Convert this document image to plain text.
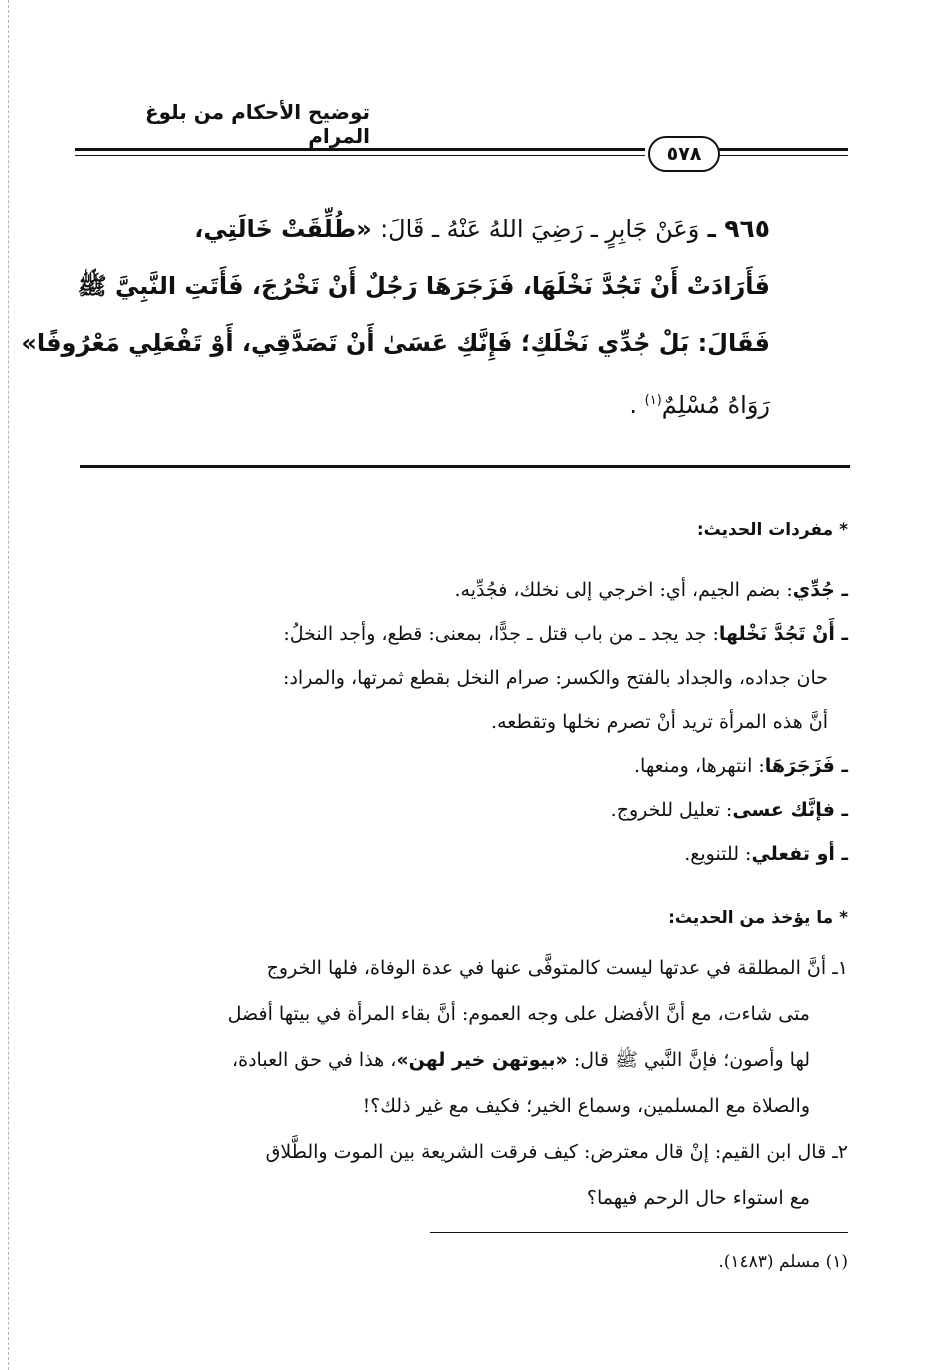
توضيح الأحكام من بلوغ المرام
٥٧٨
٩٦٥ ـ وَعَنْ جَابِرٍ ـ رَضِيَ اللهُ عَنْهُ ـ قَالَ: «طُلِّقَتْ خَالَتِي،
فَأَرَادَتْ أَنْ تَجُدَّ نَخْلَهَا، فَزَجَرَهَا رَجُلٌ أَنْ تَخْرُجَ، فَأَتَتِ النَّبِيَّ ﷺ
فَقَالَ: بَلْ جُدِّي نَخْلَكِ؛ فَإِنَّكِ عَسَىٰ أَنْ تَصَدَّقِي، أَوْ تَفْعَلِي مَعْرُوفًا»
رَوَاهُ مُسْلِمٌ$^{(١)}$ .
* مفردات الحديث:
ـ جُدِّي: بضم الجيم، أي: اخرجي إلى نخلك، فجُدِّيه.
ـ أَنْ تَجُدَّ نَخْلها: جد يجد ـ من باب قتل ـ جدًّا، بمعنى: قطع، وأجد النخلُ:
حان جداده، والجداد بالفتح والكسر: صرام النخل بقطع ثمرتها، والمراد:
أنَّ هذه المرأة تريد أنْ تصرم نخلها وتقطعه.
ـ فَزَجَرَهَا: انتهرها، ومنعها.
ـ فإنَّك عسى: تعليل للخروج.
ـ أو تفعلي: للتنويع.
* ما يؤخذ من الحديث:
١ـ أنَّ المطلقة في عدتها ليست كالمتوفَّى عنها في عدة الوفاة، فلها الخروج
متى شاءت، مع أنَّ الأفضل على وجه العموم: أنَّ بقاء المرأة في بيتها أفضل
لها وأصون؛ فإنَّ النَّبي ﷺ قال: «بيوتهن خير لهن»، هذا في حق العبادة،
والصلاة مع المسلمين، وسماع الخير؛ فكيف مع غير ذلك؟!
٢ـ قال ابن القيم: إنْ قال معترض: كيف فرقت الشريعة بين الموت والطَّلاق
مع استواء حال الرحم فيهما؟
(١) مسلم (١٤٨٣).
